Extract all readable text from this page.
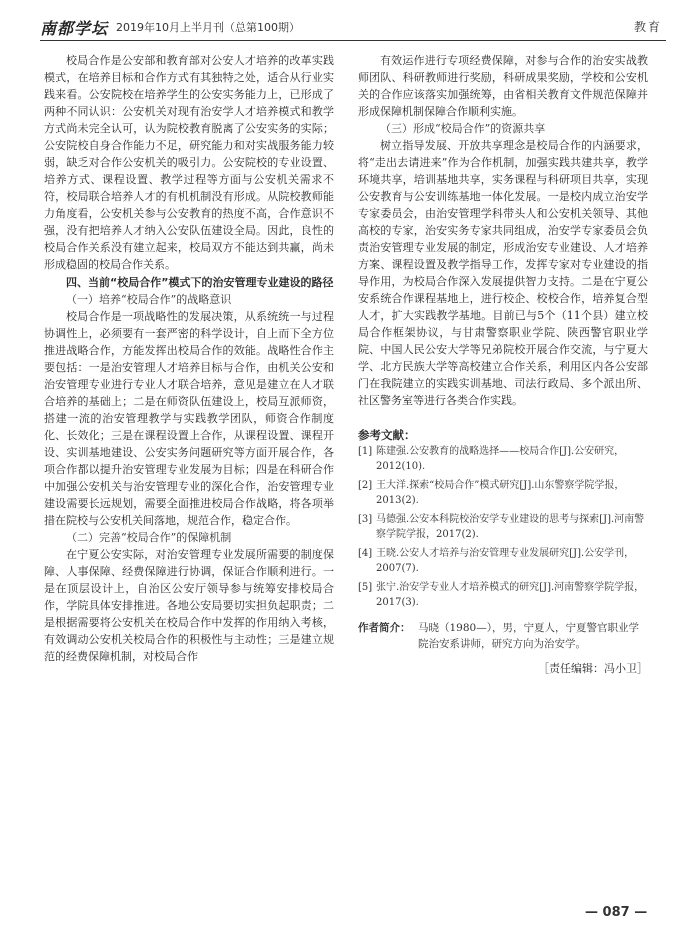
南都学坛 2019年10月上半月刊（总第100期）	教育

校局合作是公安部和教育部对公安人才培养的改革实践模式，在培养目标和合作方式有其独特之处，适合从行业实践来看。公安院校在培养学生的公安实务能力上，已形成了两种不同认识：公安机关对现有治安学人才培养模式和教学方式尚未完全认可，认为院校教育脱离了公安实务的实际；公安院校自身合作能力不足，研究能力和对实战服务能力较弱，缺乏对合作公安机关的吸引力。公安院校的专业设置、培养方式、课程设置、教学过程等方面与公安机关需求不符，校局联合培养人才的有机机制没有形成。从院校教师能力角度看，公安机关参与公安教育的热度不高，合作意识不强，没有把培养人才纳入公安队伍建设全局。因此，良性的校局合作关系没有建立起来，校局双方不能达到共赢，尚未形成稳固的校局合作关系。

四、当前“校局合作”模式下的治安管理专业建设的路径

（一）培养“校局合作”的战略意识

校局合作是一项战略性的发展决策，从系统统一与过程协调性上，必须要有一套严密的科学设计，自上而下全方位推进战略合作，方能发挥出校局合作的效能。战略性合作主要包括：一是治安管理人才培养目标与合作，由机关公安和治安管理专业进行专业人才联合培养，意见是建立在人才联合培养的基础上；二是在师资队伍建设上，校局互派师资，搭建一流的治安管理教学与实践教学团队，师资合作制度化、长效化；三是在课程设置上合作，从课程设置、课程开设、实训基地建设、公安实务问题研究等方面开展合作，各项合作都以提升治安管理专业发展为目标；四是在科研合作中加强公安机关与治安管理专业的深化合作，治安管理专业建设需要长远规划，需要全面推进校局合作战略，将各项举措在院校与公安机关间落地，规范合作，稳定合作。

（二）完善“校局合作”的保障机制

在宁夏公安实际，对治安管理专业发展所需要的制度保障、人事保障、经费保障进行协调，保证合作顺利进行。一是在顶层设计上，自治区公安厅领导参与统筹安排校局合作，学院具体安排推进。各地公安局要切实担负起职责；二是根据需要将公安机关在校局合作中发挥的作用纳入考核，有效调动公安机关校局合作的积极性与主动性；三是建立规范的经费保障机制，对校局合作

有效运作进行专项经费保障，对参与合作的治安实战教师团队、科研教师进行奖励，科研成果奖励，学校和公安机关的合作应该落实加强统筹，由省相关教育文件规范保障并形成保障机制保障合作顺利实施。

（三）形成“校局合作”的资源共享

树立指导发展、开放共享理念是校局合作的内涵要求，将“走出去请进来”作为合作机制，加强实践共建共享，教学环境共享，培训基地共享，实务课程与科研项目共享，实现公安教育与公安训练基地一体化发展。一是校内成立治安学专家委员会，由治安管理学科带头人和公安机关领导、其他高校的专家，治安实务专家共同组成，治安学专家委员会负责治安管理专业发展的制定，形成治安专业建设、人才培养方案、课程设置及教学指导工作，发挥专家对专业建设的指导作用，为校局合作深入发展提供智力支持。二是在宁夏公安系统合作课程基地上，进行校企、校校合作，培养复合型人才，扩大实践教学基地。目前已与5个（11个县）建立校局合作框架协议，与甘肃警察职业学院、陕西警官职业学院、中国人民公安大学等兄弟院校开展合作交流，与宁夏大学、北方民族大学等高校建立合作关系，利用区内各公安部门在我院建立的实践实训基地、司法行政局、多个派出所、社区警务室等进行各类合作实践。

参考文献：

[1] 陈建强.公安教育的战略选择——校局合作[J].公安研究，2012(10).
[2] 王大洋.探索“校局合作”模式研究[J].山东警察学院学报，2013(2).
[3] 马德强.公安本科院校治安学专业建设的思考与探索[J].河南警察学院学报，2017(2).
[4] 王晓.公安人才培养与治安管理专业发展研究[J].公安学刊，2007(7).
[5] 张宁.治安学专业人才培养模式的研究[J].河南警察学院学报，2017(3).
作者简介： 马晓（1980—），男，宁夏人，宁夏警官职业学院治安系讲师，研究方向为治安学。
［责任编辑：冯小卫］
— 087 —
